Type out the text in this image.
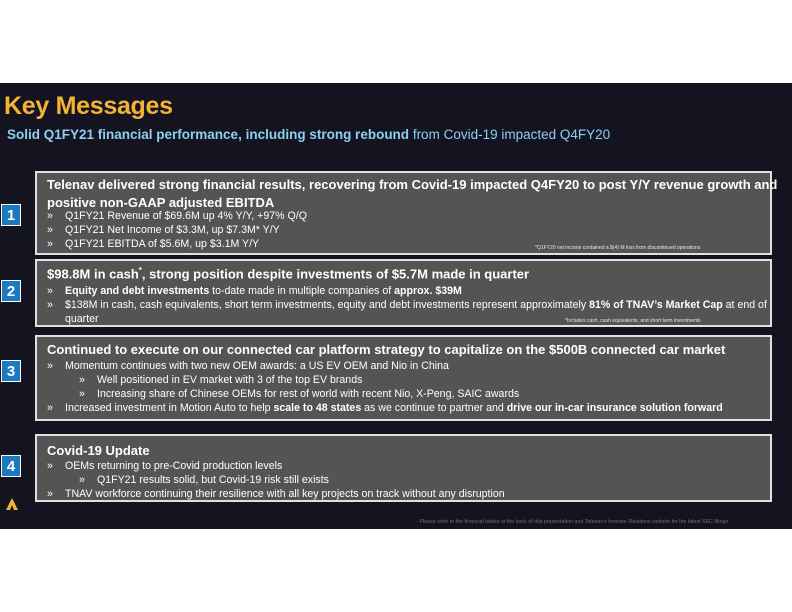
Key Messages
Solid Q1FY21 financial performance, including strong rebound from Covid-19 impacted Q4FY20
Telenav delivered strong financial results, recovering from Covid-19 impacted Q4FY20 to post Y/Y revenue growth and
positive non-GAAP adjusted EBITDA
» Q1FY21 Revenue of $69.6M up 4% Y/Y, +97% Q/Q
» Q1FY21 Net Income of $3.3M, up $7.3M* Y/Y
» Q1FY21 EBITDA of $5.6M, up $3.1M Y/Y	*Q1FY20 net income contained a $(4) M loss from discontinued operations
1
$98.8M in cash*, strong position despite investments of $5.7M made in quarter
» Equity and debt investments to-date made in multiple companies of approx. $39M
» $138M in cash, cash equivalents, short term investments, equity and debt investments represent approximately 81% of TNAV’s Market Cap at end of
quarter	*Includes cash, cash equivalents, and short term investments
2
Continued to execute on our connected car platform strategy to capitalize on the $500B connected car market
» Momentum continues with two new OEM awards: a US EV OEM and Nio in China
» Well positioned in EV market with 3 of the top EV brands
» Increasing share of Chinese OEMs for rest of world with recent Nio, X-Peng, SAIC awards
» Increased investment in Motion Auto to help scale to 48 states as we continue to partner and drive our in-car insurance solution forward
3
Covid-19 Update
» OEMs returning to pre-Covid production levels
» Q1FY21 results solid, but Covid-19 risk still exists
» TNAV workforce continuing their resilience with all key projects on track without any disruption
4
- Please refer to the financial tables at the back of this presentation and Telenav’s Investor Relations website for the latest SEC filings
